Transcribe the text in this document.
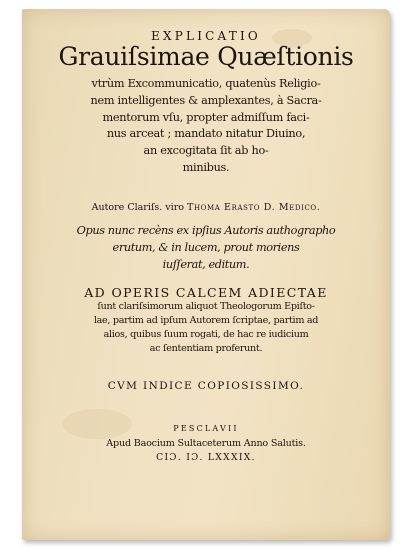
EXPLICATIO
Grauiſsimae Quæſtionis
vtrùm Excommunicatio, quatenùs Religio-
nem intelligentes & amplexantes, à Sacra-
mentorum vſu, propter admiſſum faci-
nus arceat ; mandato nitatur Diuino,
an excogitata ſit ab ho-
minibus.
Autore Clariſs. viro Thoma Erasto D. Medico.
Opus nunc recèns ex ipſius Autoris authographo
erutum, & in lucem, prout moriens
iuſſerat, editum.
AD OPERIS CALCEM ADIECTAE
ſunt clariſsimorum aliquot Theologorum Epiſto-
lae, partim ad ipſum Autorem ſcriptae, partim ad
alios, quibus ſuum rogati, de hac re iudicium
ac ſententiam proferunt.
CVM INDICE COPIOSISSIMO.
PESCLAVII
Apud Baocium Sultaceterum Anno Salutis.
CIƆ. IƆ. LXXXIX.
